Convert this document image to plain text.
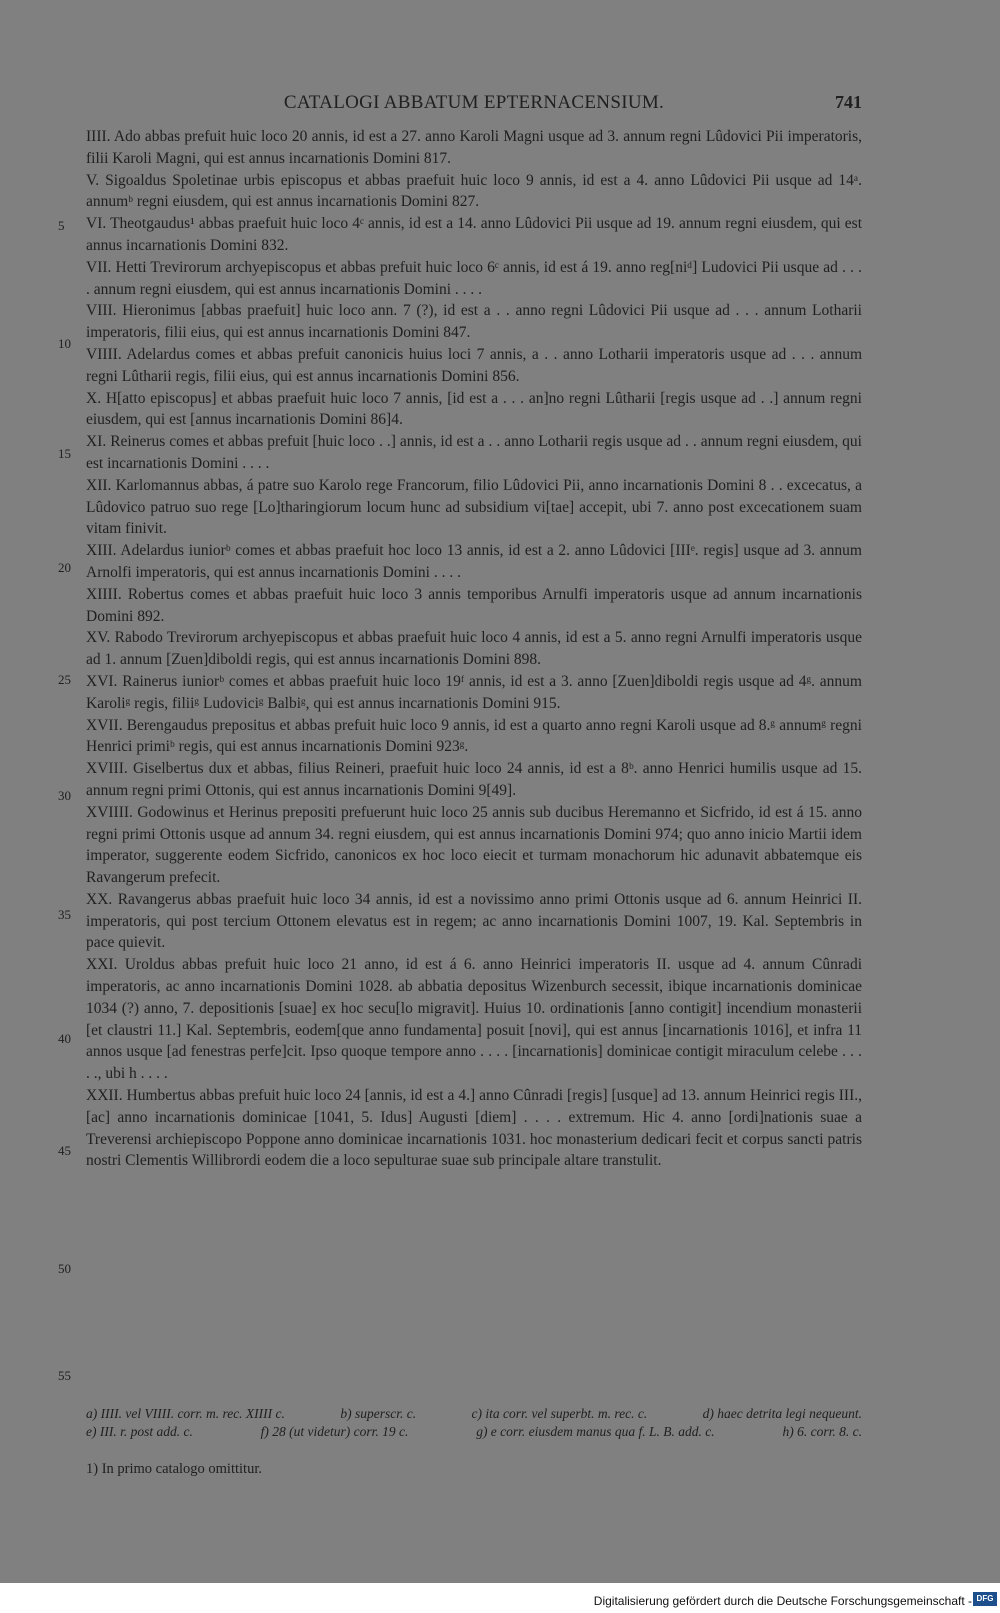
CATALOGI ABBATUM EPTERNACENSIUM.	741
5
10
15
20
25
30
35
40
45
50
55

IIII. Ado abbas prefuit huic loco 20 annis, id est a 27. anno Karoli Magni usque ad 3. annum regni Lûdovici Pii imperatoris, filii Karoli Magni, qui est annus incarnationis Domini 817.

V. Sigoaldus Spoletinae urbis episcopus et abbas praefuit huic loco 9 annis, id est a 4. anno Lûdovici Pii usque ad 14ᵃ. annumᵇ regni eiusdem, qui est annus incarnationis Domini 827.

VI. Theotgaudus¹ abbas praefuit huic loco 4ᶜ annis, id est a 14. anno Lûdovici Pii usque ad 19. annum regni eiusdem, qui est annus incarnationis Domini 832.

VII. Hetti Trevirorum archyepiscopus et abbas prefuit huic loco 6ᶜ annis, id est á 19. anno reg[niᵈ] Ludovici Pii usque ad . . . . annum regni eiusdem, qui est annus incarnationis Domini . . . .

VIII. Hieronimus [abbas praefuit] huic loco ann. 7 (?), id est a . . anno regni Lûdovici Pii usque ad . . . annum Lotharii imperatoris, filii eius, qui est annus incarnationis Domini 847.

VIIII. Adelardus comes et abbas prefuit canonicis huius loci 7 annis, a . . anno Lotharii imperatoris usque ad . . . annum regni Lûtharii regis, filii eius, qui est annus incarnationis Domini 856.

X. H[atto episcopus] et abbas praefuit huic loco 7 annis, [id est a . . . an]no regni Lûtharii [regis usque ad . .] annum regni eiusdem, qui est [annus incarnationis Domini 86]4.

XI. Reinerus comes et abbas prefuit [huic loco . .] annis, id est a . . anno Lotharii regis usque ad . . annum regni eiusdem, qui est incarnationis Domini . . . .

XII. Karlomannus abbas, á patre suo Karolo rege Francorum, filio Lûdovici Pii, anno incarnationis Domini 8 . . excecatus, a Lûdovico patruo suo rege [Lo]tharingiorum locum hunc ad subsidium vi[tae] accepit, ubi 7. anno post excecationem suam vitam finivit.

XIII. Adelardus iuniorᵇ comes et abbas praefuit hoc loco 13 annis, id est a 2. anno Lûdovici [IIIᵉ. regis] usque ad 3. annum Arnolfi imperatoris, qui est annus incarnationis Domini . . . .

XIIII. Robertus comes et abbas praefuit huic loco 3 annis temporibus Arnulfi imperatoris usque ad annum incarnationis Domini 892.

XV. Rabodo Trevirorum archyepiscopus et abbas praefuit huic loco 4 annis, id est a 5. anno regni Arnulfi imperatoris usque ad 1. annum [Zuen]diboldi regis, qui est annus incarnationis Domini 898.

XVI. Rainerus iuniorᵇ comes et abbas praefuit huic loco 19ᶠ annis, id est a 3. anno [Zuen]diboldi regis usque ad 4ᵍ. annum Karoliᵍ regis, filiiᵍ Ludoviciᵍ Balbiᵍ, qui est annus incarnationis Domini 915.

XVII. Berengaudus prepositus et abbas prefuit huic loco 9 annis, id est a quarto anno regni Karoli usque ad 8.ᵍ annumᵍ regni Henrici primiᵇ regis, qui est annus incarnationis Domini 923ᵍ.

XVIII. Giselbertus dux et abbas, filius Reineri, praefuit huic loco 24 annis, id est a 8ᵇ. anno Henrici humilis usque ad 15. annum regni primi Ottonis, qui est annus incarnationis Domini 9[49].

XVIIII. Godowinus et Herinus prepositi prefuerunt huic loco 25 annis sub ducibus Heremanno et Sicfrido, id est á 15. anno regni primi Ottonis usque ad annum 34. regni eiusdem, qui est annus incarnationis Domini 974; quo anno inicio Martii idem imperator, suggerente eodem Sicfrido, canonicos ex hoc loco eiecit et turmam monachorum hic adunavit abbatemque eis Ravangerum prefecit.

XX. Ravangerus abbas praefuit huic loco 34 annis, id est a novissimo anno primi Ottonis usque ad 6. annum Heinrici II. imperatoris, qui post tercium Ottonem elevatus est in regem; ac anno incarnationis Domini 1007, 19. Kal. Septembris in pace quievit.

XXI. Uroldus abbas prefuit huic loco 21 anno, id est á 6. anno Heinrici imperatoris II. usque ad 4. annum Cûnradi imperatoris, ac anno incarnationis Domini 1028. ab abbatia depositus Wizenburch secessit, ibique incarnationis dominicae 1034 (?) anno, 7. depositionis [suae] ex hoc secu[lo migravit]. Huius 10. ordinationis [anno contigit] incendium monasterii [et claustri 11.] Kal. Septembris, eodem[que anno fundamenta] posuit [novi], qui est annus [incarnationis 1016], et infra 11 annos usque [ad fenestras perfe]cit. Ipso quoque tempore anno . . . . [incarnationis] dominicae contigit miraculum celebe . . . . ., ubi h . . . .

XXII. Humbertus abbas prefuit huic loco 24 [annis, id est a 4.] anno Cûnradi [regis] [usque] ad 13. annum Heinrici regis III., [ac] anno incarnationis dominicae [1041, 5. Idus] Augusti [diem] . . . . extremum. Hic 4. anno [ordi]nationis suae a Treverensi archiepiscopo Poppone anno dominicae incarnationis 1031. hoc monasterium dedicari fecit et corpus sancti patris nostri Clementis Willibrordi eodem die a loco sepulturae suae sub principale altare transtulit.

a) IIII. vel VIIII. corr. m. rec. XIIII c.	b) superscr. c.	c) ita corr. vel superbt. m. rec. c.	d) haec detrita legi nequeunt.
e) III. r. post add. c.	f) 28 (ut videtur) corr. 19 c.	g) e corr. eiusdem manus qua f. L. B. add. c.	h) 6. corr. 8. c.
1) In primo catalogo omittitur.
Digitalisierung gefördert durch die Deutsche Forschungsgemeinschaft - DFG
